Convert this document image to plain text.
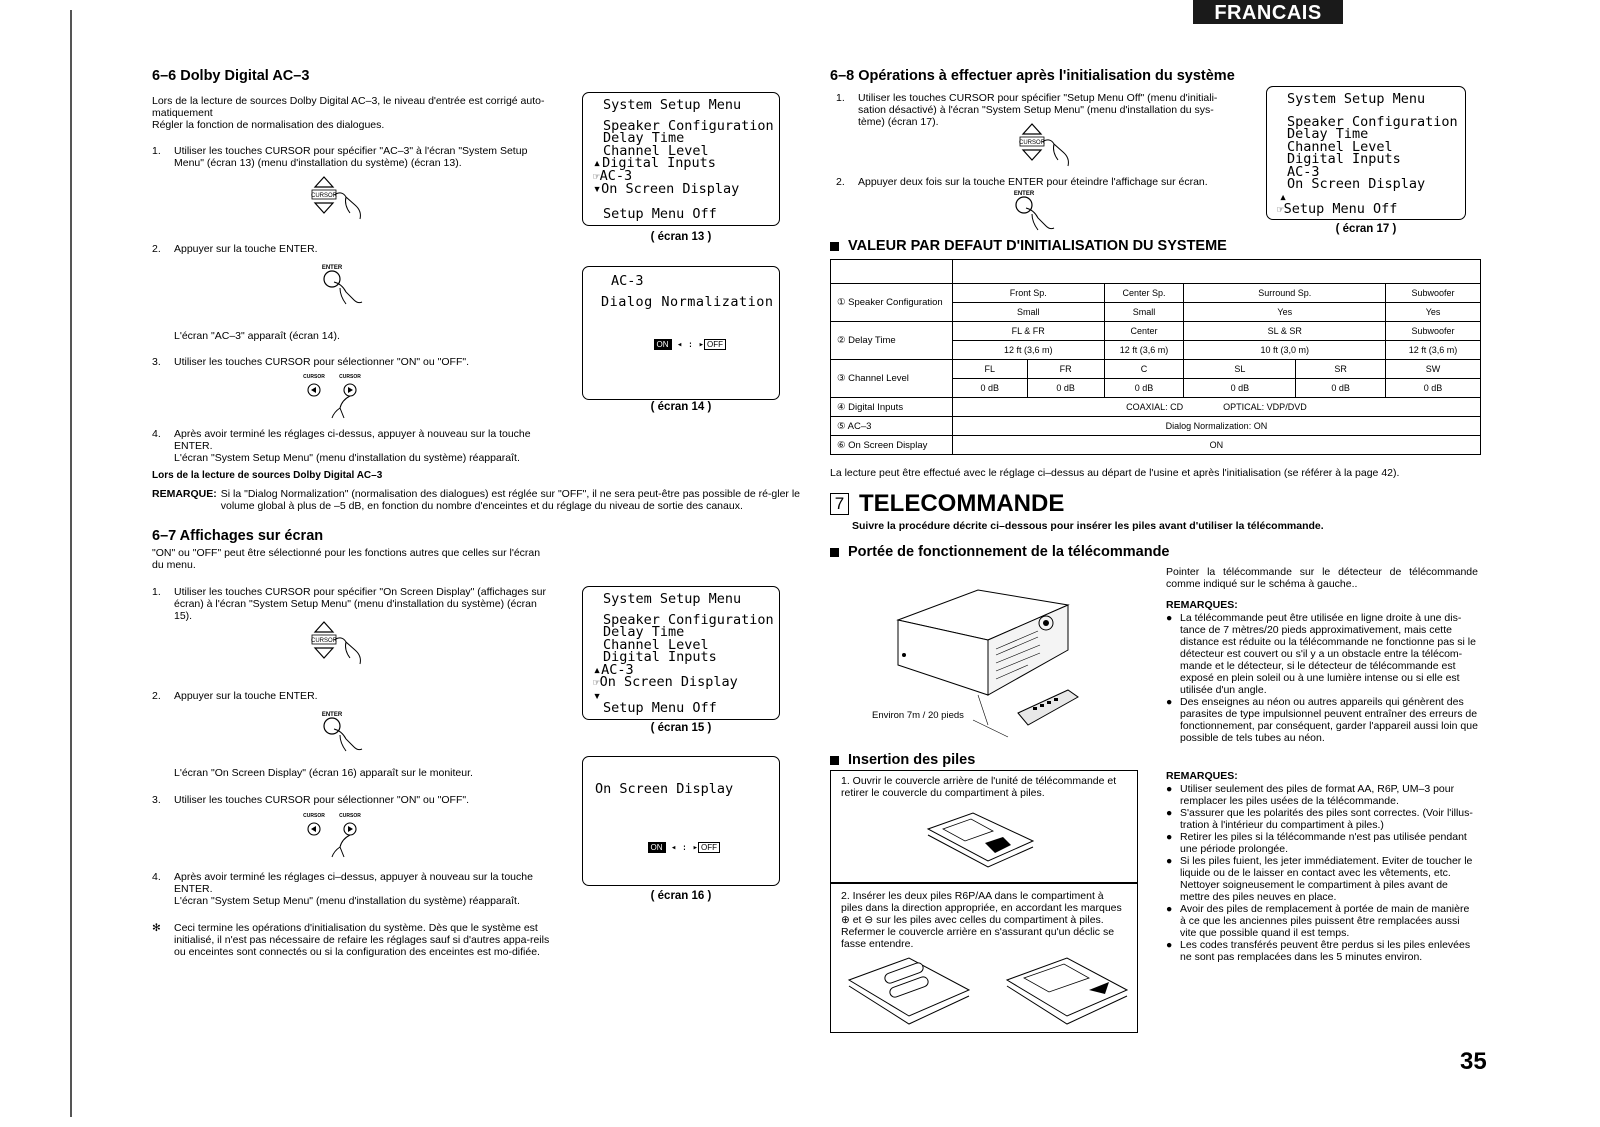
FRANCAIS
6–6 Dolby Digital AC–3
Lors de la lecture de sources Dolby Digital AC–3, le niveau d'entrée est corrigé auto-matiquement
Régler la fonction de normalisation des dialogues.
1.	Utiliser les touches CURSOR pour spécifier "AC–3" à l'écran "System Setup Menu" (écran 13) (menu d'installation du système) (écran 13).
CURSOR
2.	Appuyer sur la touche ENTER.
ENTER
L'écran "AC–3" apparaît (écran 14).
3.	Utiliser les touches CURSOR pour sélectionner "ON" ou "OFF".
CURSOR	CURSOR
4.	Après avoir terminé les réglages ci-dessus, appuyer à nouveau sur la touche ENTER.
L'écran "System Setup Menu" (menu d'installation du système) réapparaît.
Lors de la lecture de sources Dolby Digital AC–3
REMARQUE: Si la "Dialog Normalization" (normalisation des dialogues) est réglée sur "OFF", il ne sera peut-être pas possible de ré-gler le volume global à plus de –5 dB, en fonction du nombre d'enceintes et du réglage du niveau de sortie des canaux.
System Setup Menu
Speaker Configuration
Delay Time
Channel Level
▴Digital Inputs
☞AC-3
▾On Screen Display
Setup Menu Off
( écran 13 )
AC-3
Dialog Normalization

ON ◂ : ▸ OFF

( écran 14 )
6–7 Affichages sur écran
"ON" ou "OFF" peut être sélectionné pour les fonctions autres que celles sur l'écran du menu.
1.	Utiliser les touches CURSOR pour spécifier "On Screen Display" (affichages sur écran) à l'écran "System Setup Menu" (menu d'installation du système) (écran 15).
CURSOR
2.	Appuyer sur la touche ENTER.
ENTER
L'écran "On Screen Display" (écran 16) apparaît sur le moniteur.
3.	Utiliser les touches CURSOR pour sélectionner "ON" ou "OFF".
CURSOR	CURSOR
4.	Après avoir terminé les réglages ci–dessus, appuyer à nouveau sur la touche ENTER.
L'écran "System Setup Menu" (menu d'installation du système) réapparaît.
✻	Ceci termine les opérations d'initialisation du système. Dès que le système est initialisé, il n'est pas nécessaire de refaire les réglages sauf si d'autres appa-reils ou enceintes sont connectés ou si la configuration des enceintes est mo-difiée.
System Setup Menu
Speaker Configuration
Delay Time
Channel Level
Digital Inputs
▴AC-3
☞On Screen Display
▾
Setup Menu Off
( écran 15 )
On Screen Display

ON ◂ : ▸ OFF

( écran 16 )
6–8 Opérations à effectuer après l'initialisation du système
1.	Utiliser les touches CURSOR pour spécifier "Setup Menu Off" (menu d'initiali-sation désactivé) à l'écran "System Setup Menu" (menu d'installation du sys-tème) (écran 17).
CURSOR
2.	Appuyer deux fois sur la touche ENTER pour éteindre l'affichage sur écran.
ENTER
System Setup Menu
Speaker Configuration
Delay Time
Channel Level
Digital Inputs
AC-3
On Screen Display
▴
☞Setup Menu Off
( écran 17 )
VALEUR PAR DEFAUT D'INITIALISATION DU SYSTEME

① Speaker Configuration	Front Sp.		Center Sp.	Surround Sp.		Subwoofer
	Small		Small	Yes		Yes
② Delay Time	FL & FR		Center	SL & SR		Subwoofer
	12 ft (3,6 m)		12 ft (3,6 m)	10 ft (3,0 m)		12 ft (3,6 m)
③ Channel Level	FL	FR	C	SL	SR	SW
	0 dB	0 dB	0 dB	0 dB	0 dB	0 dB
④ Digital Inputs	COAXIAL: CD OPTICAL: VDP/DVD					
⑤ AC–3	Dialog Normalization: ON					
⑥ On Screen Display	ON					
La lecture peut être effectué avec le réglage ci–dessus au départ de l'usine et après l'initialisation (se référer à la page 42).
7 TELECOMMANDE
Suivre la procédure décrite ci–dessous pour insérer les piles avant d'utiliser la télécommande.
Portée de fonctionnement de la télécommande
Environ 7m / 20 pieds
Pointer la télécommande sur le détecteur de télécommande comme indiqué sur le schéma à gauche..
REMARQUES:
● La télécommande peut être utilisée en ligne droite à une dis-tance de 7 mètres/20 pieds approximativement, mais cette distance est réduite ou la télécommande ne fonctionne pas si le détecteur est couvert ou s'il y a un obstacle entre la télécom-mande et le détecteur, si le détecteur de télécommande est exposé en plein soleil ou à une lumière intense ou si elle est utilisée d'un angle.
● Des enseignes au néon ou autres appareils qui génèrent des parasites de type impulsionnel peuvent entraîner des erreurs de fonctionnement, par conséquent, garder l'appareil aussi loin que possible de tels tubes au néon.
Insertion des piles
1. Ouvrir le couvercle arrière de l'unité de télécommande et retirer le couvercle du compartiment à piles.
2. Insérer les deux piles R6P/AA dans le compartiment à piles dans la direction appropriée, en accordant les marques ⊕ et ⊖ sur les piles avec celles du compartiment à piles. Refermer le couvercle arrière en s'assurant qu'un déclic se fasse entendre.
REMARQUES:
● Utiliser seulement des piles de format AA, R6P, UM–3 pour remplacer les piles usées de la télécommande.
● S'assurer que les polarités des piles sont correctes. (Voir l'illus-tration à l'intérieur du compartiment à piles.)
● Retirer les piles si la télécommande n'est pas utilisée pendant une période prolongée.
● Si les piles fuient, les jeter immédiatement. Eviter de toucher le liquide ou de le laisser en contact avec les vêtements, etc. Nettoyer soigneusement le compartiment à piles avant de mettre des piles neuves en place.
● Avoir des piles de remplacement à portée de main de manière à ce que les anciennes piles puissent être remplacées aussi vite que possible quand il est temps.
● Les codes transférés peuvent être perdus si les piles enlevées ne sont pas remplacées dans les 5 minutes environ.
35
